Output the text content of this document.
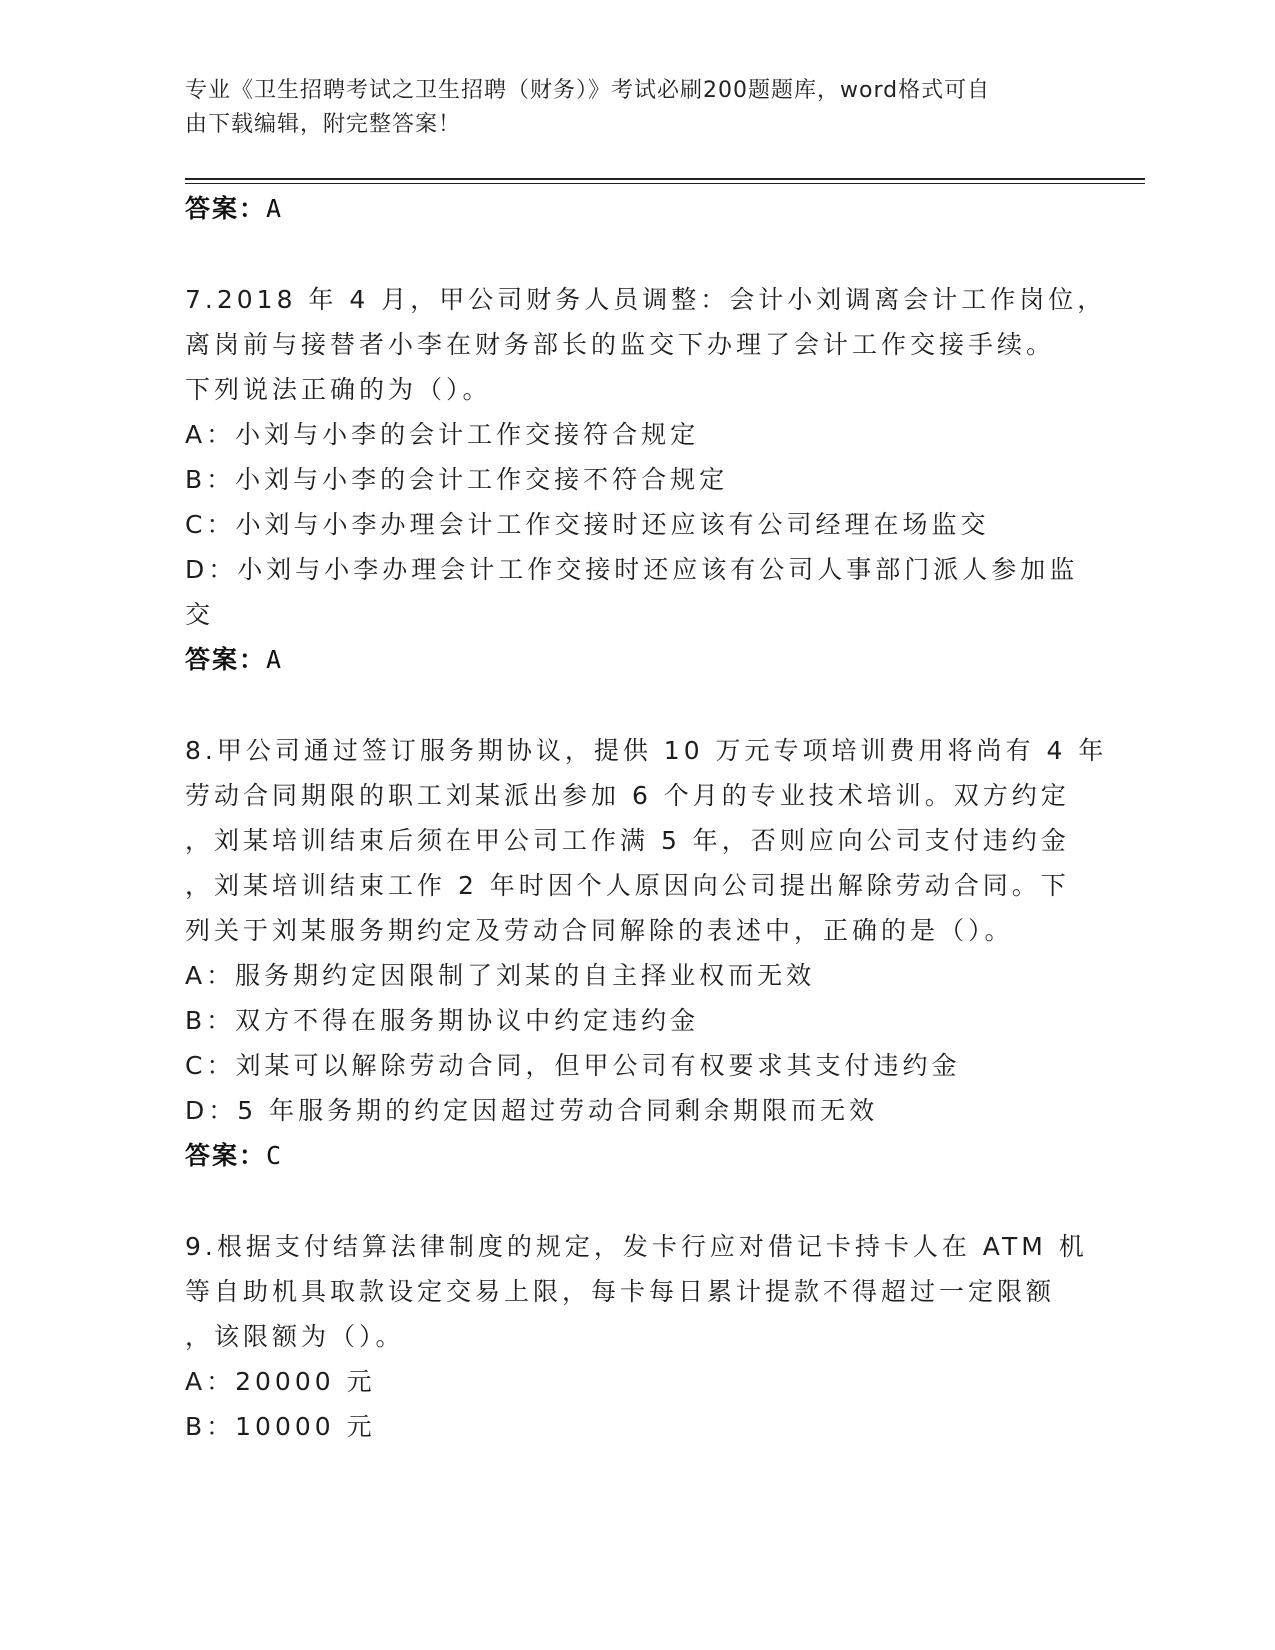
专业《卫生招聘考试之卫生招聘（财务）》考试必刷200题题库，word格式可自
由下载编辑，附完整答案！
答案：A
7.2018 年 4 月，甲公司财务人员调整：会计小刘调离会计工作岗位，
离岗前与接替者小李在财务部长的监交下办理了会计工作交接手续。
下列说法正确的为（）。
A：小刘与小李的会计工作交接符合规定
B：小刘与小李的会计工作交接不符合规定
C：小刘与小李办理会计工作交接时还应该有公司经理在场监交
D：小刘与小李办理会计工作交接时还应该有公司人事部门派人参加监
交
答案：A
8.甲公司通过签订服务期协议，提供 10 万元专项培训费用将尚有 4 年
劳动合同期限的职工刘某派出参加 6 个月的专业技术培训。双方约定
，刘某培训结束后须在甲公司工作满 5 年，否则应向公司支付违约金
，刘某培训结束工作 2 年时因个人原因向公司提出解除劳动合同。下
列关于刘某服务期约定及劳动合同解除的表述中，正确的是（）。
A：服务期约定因限制了刘某的自主择业权而无效
B：双方不得在服务期协议中约定违约金
C：刘某可以解除劳动合同，但甲公司有权要求其支付违约金
D：5 年服务期的约定因超过劳动合同剩余期限而无效
答案：C
9.根据支付结算法律制度的规定，发卡行应对借记卡持卡人在 ATM 机
等自助机具取款设定交易上限，每卡每日累计提款不得超过一定限额
，该限额为（）。
A：20000 元
B：10000 元
